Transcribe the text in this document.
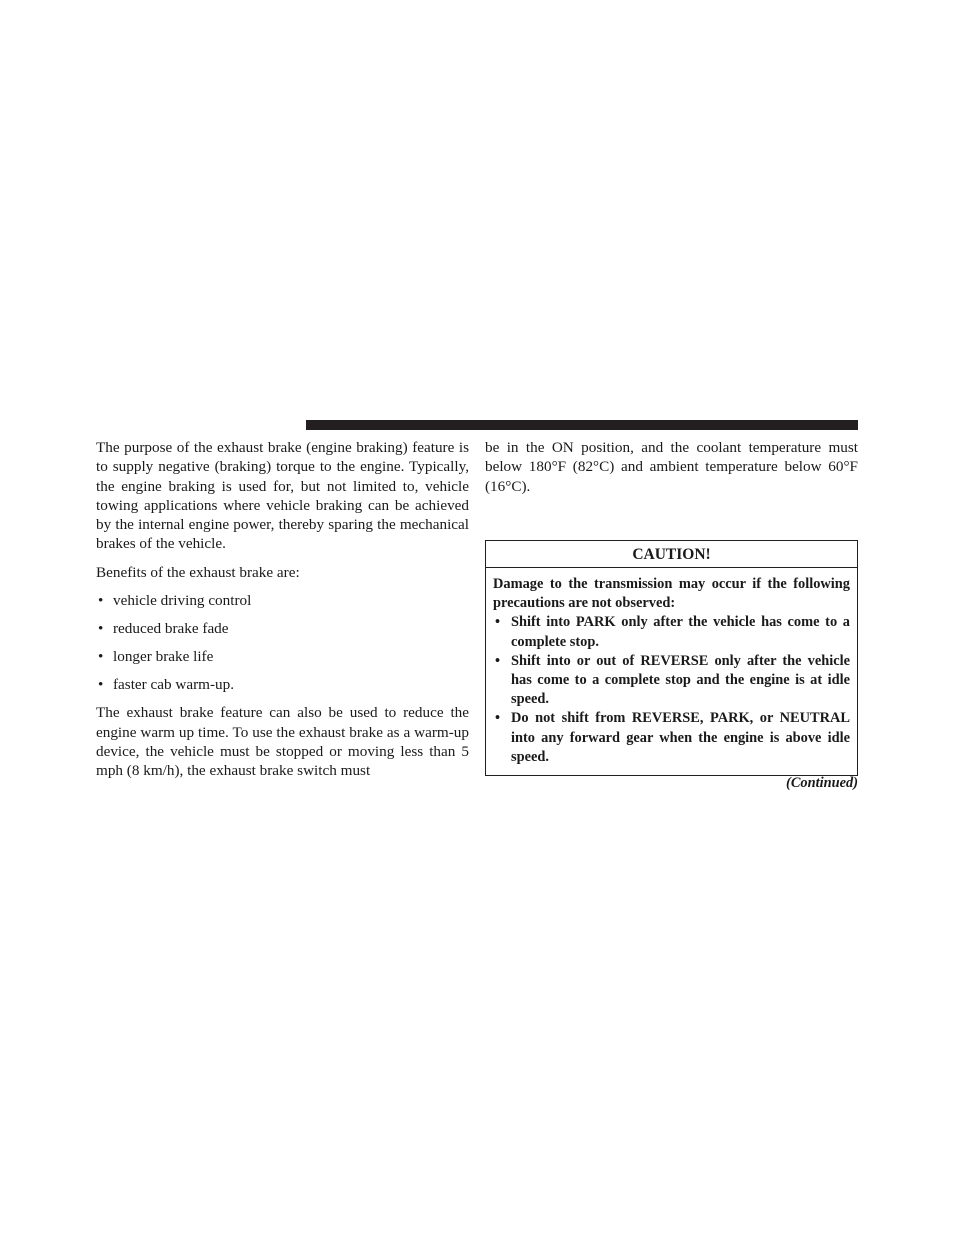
The purpose of the exhaust brake (engine braking) feature is to supply negative (braking) torque to the engine. Typically, the engine braking is used for, but not limited to, vehicle towing applications where vehicle braking can be achieved by the internal engine power, thereby sparing the mechanical brakes of the vehicle.

Benefits of the exhaust brake are:

• vehicle driving control
• reduced brake fade
• longer brake life
• faster cab warm-up.

The exhaust brake feature can also be used to reduce the engine warm up time. To use the exhaust brake as a warm-up device, the vehicle must be stopped or moving less than 5 mph (8 km/h), the exhaust brake switch must

be in the ON position, and the coolant temperature must below 180°F (82°C) and ambient temperature below 60°F (16°C).

CAUTION!

Damage to the transmission may occur if the following precautions are not observed:

• Shift into PARK only after the vehicle has come to a complete stop.
• Shift into or out of REVERSE only after the vehicle has come to a complete stop and the engine is at idle speed.
• Do not shift from REVERSE, PARK, or NEUTRAL into any forward gear when the engine is above idle speed.
(Continued)
